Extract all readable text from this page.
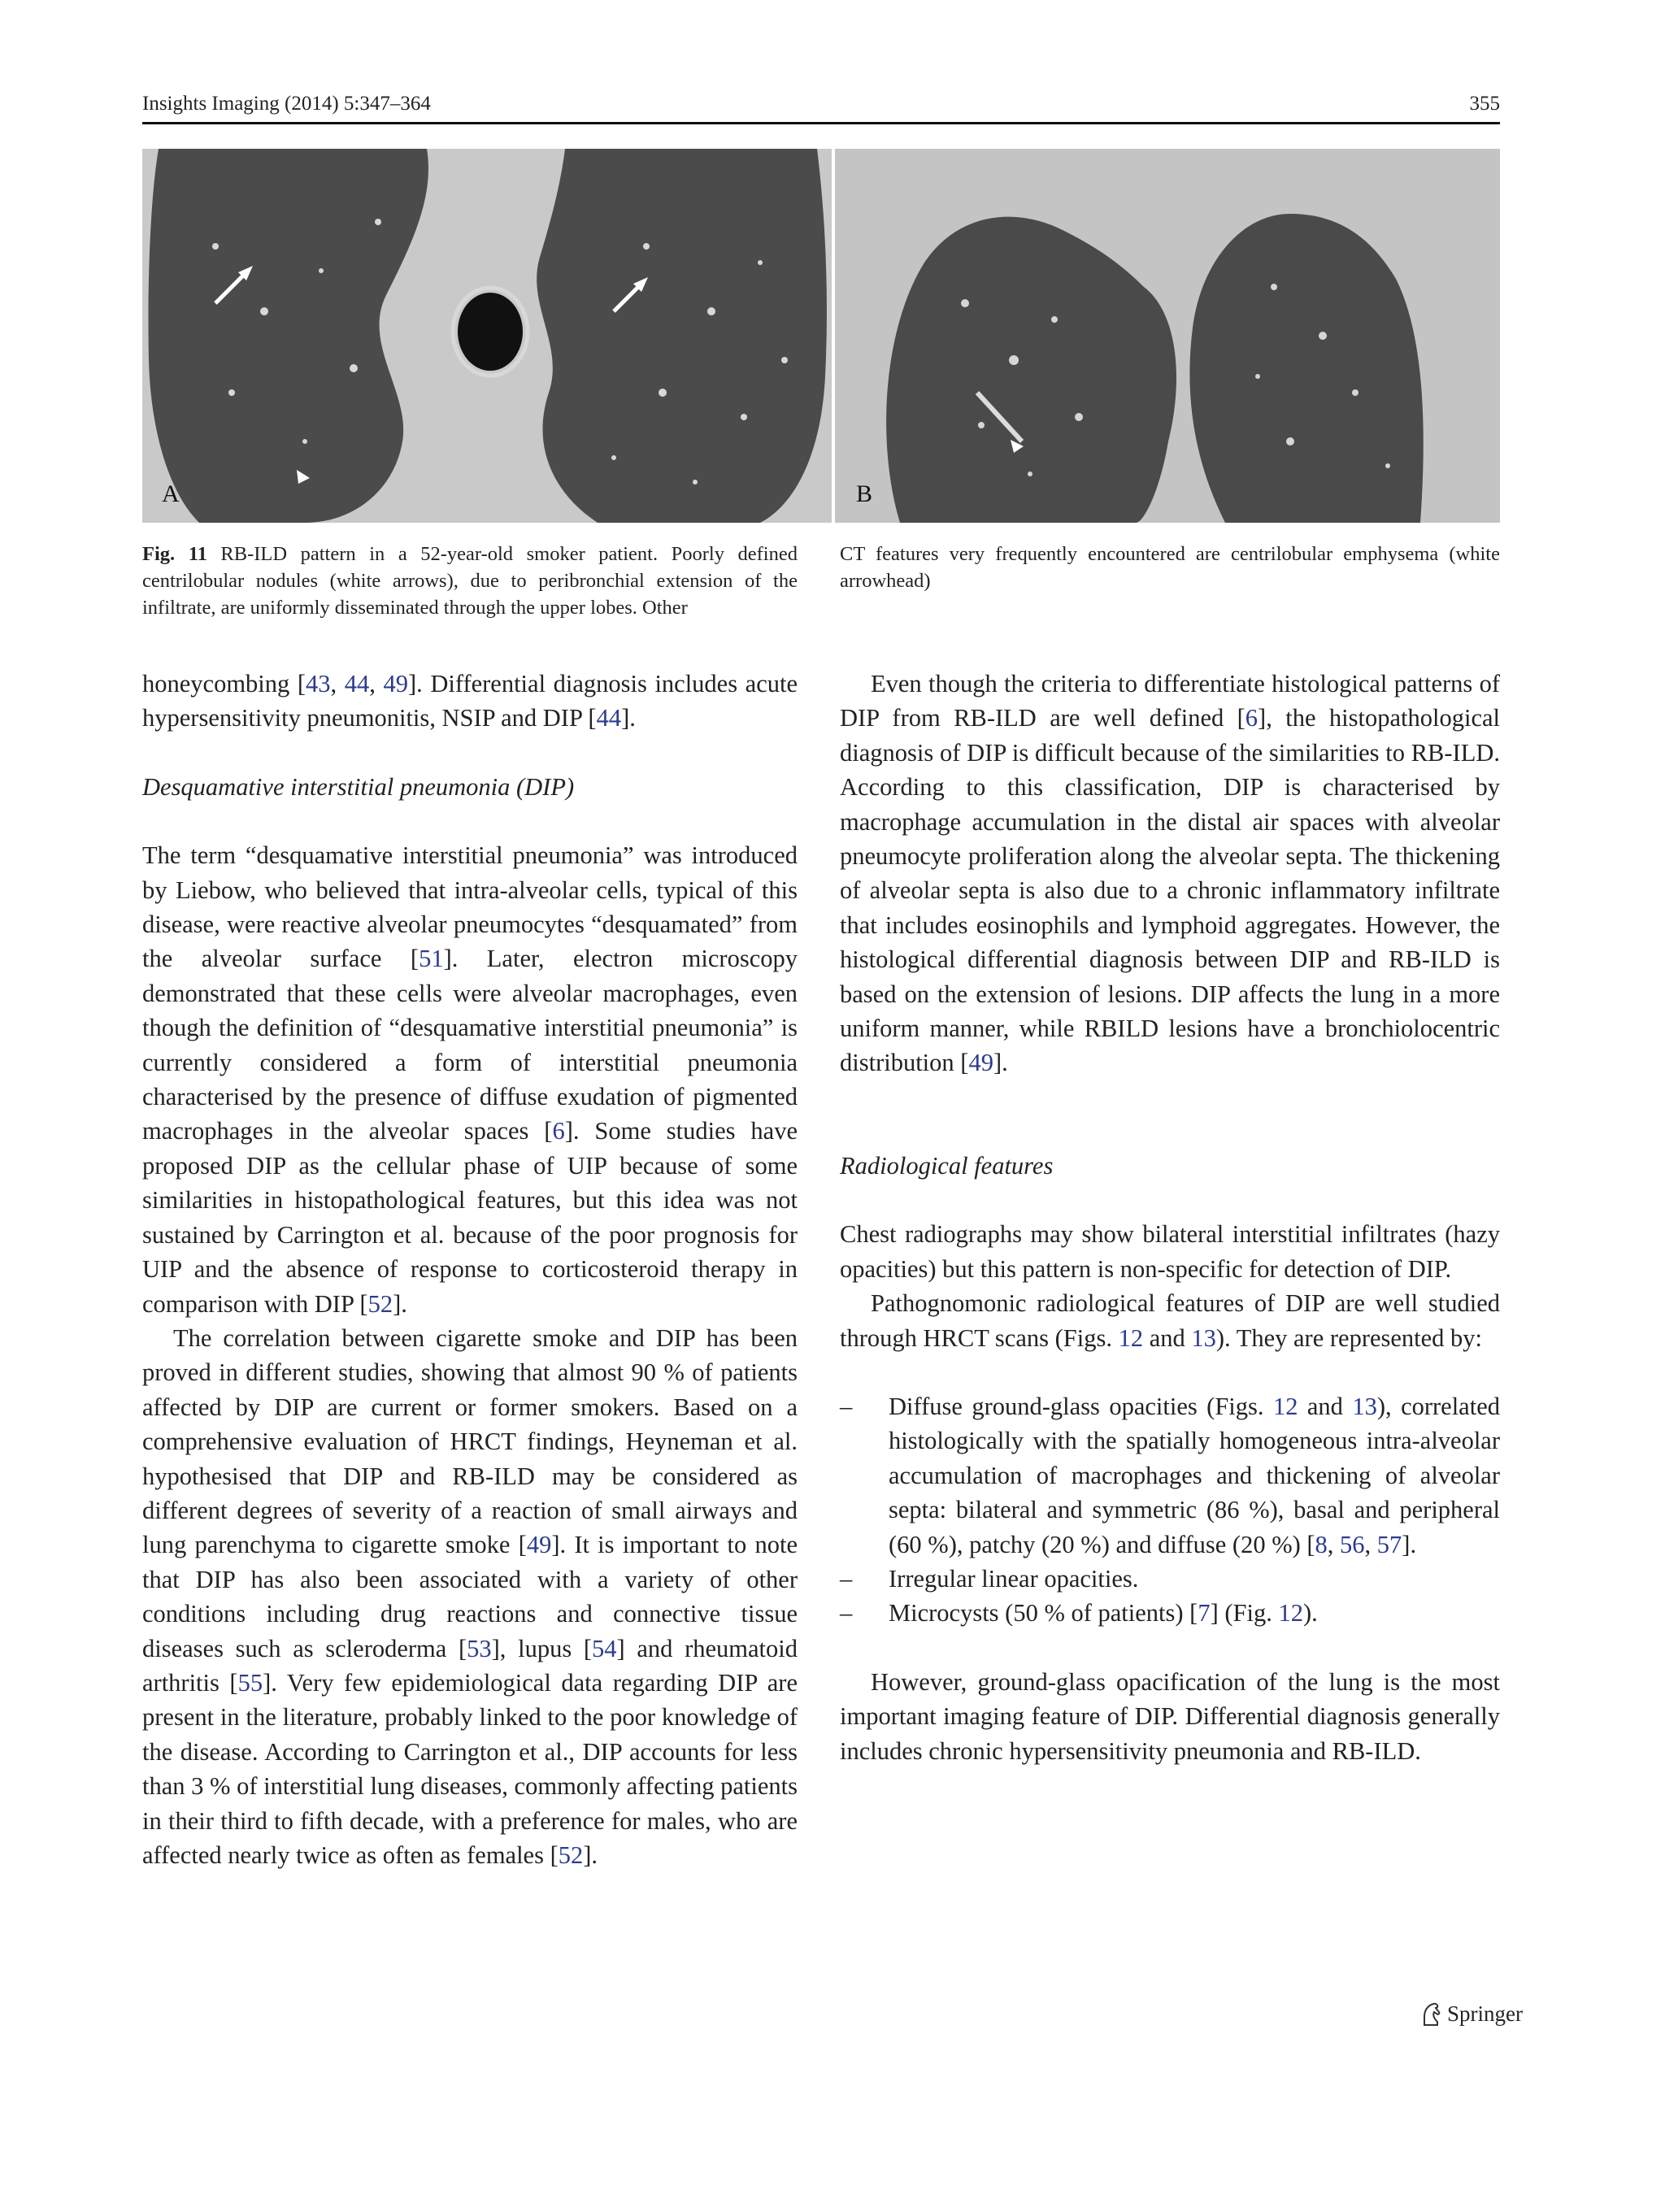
Insights Imaging (2014) 5:347–364	355
A	B
Fig. 11 RB-ILD pattern in a 52-year-old smoker patient. Poorly defined centrilobular nodules (white arrows), due to peribronchial extension of the infiltrate, are uniformly disseminated through the upper lobes. Other
CT features very frequently encountered are centrilobular emphysema (white arrowhead)

honeycombing [43, 44, 49]. Differential diagnosis includes acute hypersensitivity pneumonitis, NSIP and DIP [44].

Desquamative interstitial pneumonia (DIP)

The term “desquamative interstitial pneumonia” was introduced by Liebow, who believed that intra-alveolar cells, typical of this disease, were reactive alveolar pneumocytes “desquamated” from the alveolar surface [51]. Later, electron microscopy demonstrated that these cells were alveolar macrophages, even though the definition of “desquamative interstitial pneumonia” is currently considered a form of interstitial pneumonia characterised by the presence of diffuse exudation of pigmented macrophages in the alveolar spaces [6]. Some studies have proposed DIP as the cellular phase of UIP because of some similarities in histopathological features, but this idea was not sustained by Carrington et al. because of the poor prognosis for UIP and the absence of response to corticosteroid therapy in comparison with DIP [52].

The correlation between cigarette smoke and DIP has been proved in different studies, showing that almost 90 % of patients affected by DIP are current or former smokers. Based on a comprehensive evaluation of HRCT findings, Heyneman et al. hypothesised that DIP and RB-ILD may be considered as different degrees of severity of a reaction of small airways and lung parenchyma to cigarette smoke [49]. It is important to note that DIP has also been associated with a variety of other conditions including drug reactions and connective tissue diseases such as scleroderma [53], lupus [54] and rheumatoid arthritis [55]. Very few epidemiological data regarding DIP are present in the literature, probably linked to the poor knowledge of the disease. According to Carrington et al., DIP accounts for less than 3 % of interstitial lung diseases, commonly affecting patients in their third to fifth decade, with a preference for males, who are affected nearly twice as often as females [52].

Even though the criteria to differentiate histological patterns of DIP from RB-ILD are well defined [6], the histopathological diagnosis of DIP is difficult because of the similarities to RB-ILD. According to this classification, DIP is characterised by macrophage accumulation in the distal air spaces with alveolar pneumocyte proliferation along the alveolar septa. The thickening of alveolar septa is also due to a chronic inflammatory infiltrate that includes eosinophils and lymphoid aggregates. However, the histological differential diagnosis between DIP and RB-ILD is based on the extension of lesions. DIP affects the lung in a more uniform manner, while RBILD lesions have a bronchiolocentric distribution [49].

Radiological features

Chest radiographs may show bilateral interstitial infiltrates (hazy opacities) but this pattern is non-specific for detection of DIP.

Pathognomonic radiological features of DIP are well studied through HRCT scans (Figs. 12 and 13). They are represented by:

– Diffuse ground-glass opacities (Figs. 12 and 13), correlated histologically with the spatially homogeneous intra-alveolar accumulation of macrophages and thickening of alveolar septa: bilateral and symmetric (86 %), basal and peripheral (60 %), patchy (20 %) and diffuse (20 %) [8, 56, 57].
– Irregular linear opacities.
– Microcysts (50 % of patients) [7] (Fig. 12).

However, ground-glass opacification of the lung is the most important imaging feature of DIP. Differential diagnosis generally includes chronic hypersensitivity pneumonia and RB-ILD.

Springer
